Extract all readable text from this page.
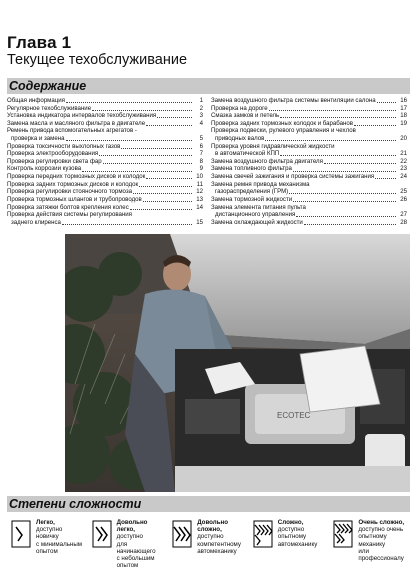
Глава 1
Текущее техобслуживание
Содержание
Общая информация	1
Регулярное техобслуживание	2
Установка индикатора интервалов техобслуживания	3
Замена масла и масляного фильтра в двигателе	4
Ремень привода вспомогательных агрегатов -
проверка и замена	5
Проверка токсичности выхлопных газов	6
Проверка электрооборудования	7
Проверка регулировки света фар	8
Контроль коррозии кузова	9
Проверка передних тормозных дисков и колодок	10
Проверка задних тормозных дисков и колодок	11
Проверка регулировки стояночного тормоза	12
Проверка тормозных шлангов и трубопроводов	13
Проверка затяжки болтов крепления колес	14
Проверка действия системы регулирования
заднего клиренса	15
Замена воздушного фильтра системы вентиляции салона	16
Проверка на дороге	17
Смазка замков и петель	18
Проверка задних тормозных колодок и барабанов	19
Проверка подвески, рулевого управления и чехлов
приводных валов	20
Проверка уровня гидравлической жидкости
в автоматической КПП	21
Замена воздушного фильтра двигателя	22
Замена топливного фильтра	23
Замена свечей зажигания и проверка системы зажигания	24
Замена ремня привода механизма
газораспределения (ГРМ)	25
Замена тормозной жидкости	26
Замена элемента питания пульта
дистанционного управления	27
Замена охлаждающей жидкости	28
ECOTEC
Степени сложности
Легко,
доступно новичку
с минимальным
опытом
Довольно легко,
доступно
для начинающего
с небольшим опытом
Довольно сложно,
доступно
компетентному
автомеханику
Сложно,
доступно опытному
автомеханику
Очень сложно,
доступно очень
опытному механику
или профессионалу
